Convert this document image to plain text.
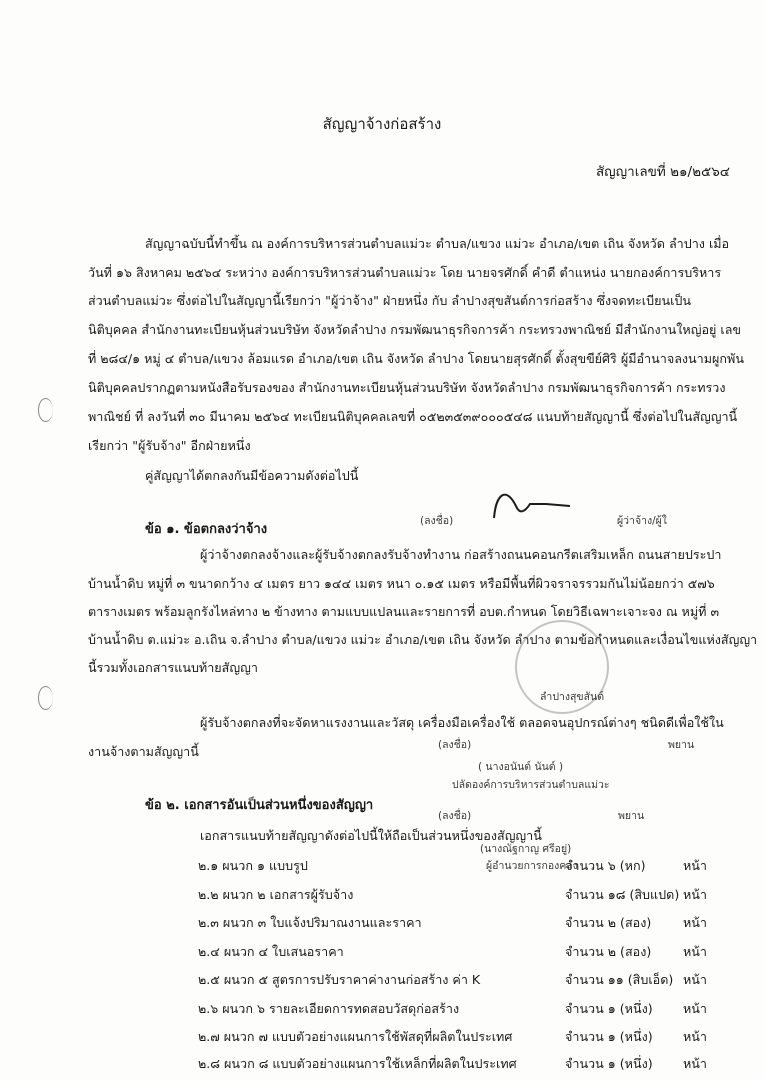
สัญญาจ้างก่อสร้าง
สัญญาเลขที่ ๒๑/๒๕๖๔
สัญญาฉบับนี้ทำขึ้น ณ องค์การบริหารส่วนตำบลแม่วะ ตำบล/แขวง แม่วะ อำเภอ/เขต เถิน จังหวัด ลำปาง เมื่อ
วันที่ ๑๖ สิงหาคม ๒๕๖๔ ระหว่าง องค์การบริหารส่วนตำบลแม่วะ โดย นายจรศักดิ์ คำดี ตำแหน่ง นายกองค์การบริหาร
ส่วนตำบลแม่วะ ซึ่งต่อไปในสัญญานี้เรียกว่า "ผู้ว่าจ้าง" ฝ่ายหนึ่ง กับ ลำปางสุขสันต์การก่อสร้าง ซึ่งจดทะเบียนเป็น
นิติบุคคล สำนักงานทะเบียนหุ้นส่วนบริษัท จังหวัดลำปาง กรมพัฒนาธุรกิจการค้า กระทรวงพาณิชย์ มีสำนักงานใหญ่อยู่ เลข
ที่ ๒๘๔/๑ หมู่ ๔ ตำบล/แขวง ล้อมแรด อำเภอ/เขต เถิน จังหวัด ลำปาง โดยนายสุรศักดิ์ ตั้งสุขขีย์ศิริ ผู้มีอำนาจลงนามผูกพัน
นิติบุคคลปรากฏตามหนังสือรับรองของ สำนักงานทะเบียนหุ้นส่วนบริษัท จังหวัดลำปาง กรมพัฒนาธุรกิจการค้า กระทรวง
พาณิชย์ ที่ ลงวันที่ ๓๐ มีนาคม ๒๕๖๔ ทะเบียนนิติบุคคลเลขที่ ๐๕๒๓๕๓๙๐๐๐๕๔๘ แนบท้ายสัญญานี้ ซึ่งต่อไปในสัญญานี้
เรียกว่า "ผู้รับจ้าง" อีกฝ่ายหนึ่ง
คู่สัญญาได้ตกลงกันมีข้อความดังต่อไปนี้
ข้อ ๑. ข้อตกลงว่าจ้าง
ผู้ว่าจ้างตกลงจ้างและผู้รับจ้างตกลงรับจ้างทำงาน ก่อสร้างถนนคอนกรีตเสริมเหล็ก ถนนสายประปา
บ้านน้ำดิบ หมู่ที่ ๓ ขนาดกว้าง ๔ เมตร ยาว ๑๔๔ เมตร หนา ๐.๑๕ เมตร หรือมีพื้นที่ผิวจราจรรวมกันไม่น้อยกว่า ๕๗๖
ตารางเมตร พร้อมลูกรังไหล่ทาง ๒ ข้างทาง ตามแบบแปลนและรายการที่ อบต.กำหนด โดยวิธีเฉพาะเจาะจง ณ หมู่ที่ ๓
บ้านน้ำดิบ ต.แม่วะ อ.เถิน จ.ลำปาง ตำบล/แขวง แม่วะ อำเภอ/เขต เถิน จังหวัด ลำปาง ตามข้อกำหนดและเงื่อนไขแห่งสัญญา
นี้รวมทั้งเอกสารแนบท้ายสัญญา
ผู้รับจ้างตกลงที่จะจัดหาแรงงานและวัสดุ เครื่องมือเครื่องใช้ ตลอดจนอุปกรณ์ต่างๆ ชนิดดีเพื่อใช้ใน
งานจ้างตามสัญญานี้
ข้อ ๒. เอกสารอันเป็นส่วนหนึ่งของสัญญา
เอกสารแนบท้ายสัญญาดังต่อไปนี้ให้ถือเป็นส่วนหนึ่งของสัญญานี้
๒.๑ ผนวก ๑ แบบรูป	จำนวน ๖ (หก)	หน้า
๒.๒ ผนวก ๒ เอกสารผู้รับจ้าง	จำนวน ๑๘ (สิบแปด) หน้า
๒.๓ ผนวก ๓ ใบแจ้งปริมาณงานและราคา	จำนวน ๒ (สอง)	หน้า
๒.๔ ผนวก ๔ ใบเสนอราคา	จำนวน ๒ (สอง)	หน้า
๒.๕ ผนวก ๕ สูตรการปรับราคาค่างานก่อสร้าง ค่า K	จำนวน ๑๑ (สิบเอ็ด) หน้า
๒.๖ ผนวก ๖ รายละเอียดการทดสอบวัสดุก่อสร้าง	จำนวน ๑ (หนึ่ง) หน้า
๒.๗ ผนวก ๗ แบบตัวอย่างแผนการใช้พัสดุที่ผลิตในประเทศ	จำนวน ๑ (หนึ่ง) หน้า
๒.๘ ผนวก ๘ แบบตัวอย่างแผนการใช้เหล็กที่ผลิตในประเทศ	จำนวน ๑ (หนึ่ง) หน้า
(ลงชื่อ)	ผู้ว่าจ้าง/ผู้ใ
ลำปางสุขสันต์
(ลงชื่อ)	พยาน
( นางอนันต์ นันต์ )
ปลัดองค์การบริหารส่วนตำบลแม่วะ
(ลงชื่อ)	พยาน
(นางณัฐกาญ ศรีอยู่)
ผู้อำนวยการกองคลัง
